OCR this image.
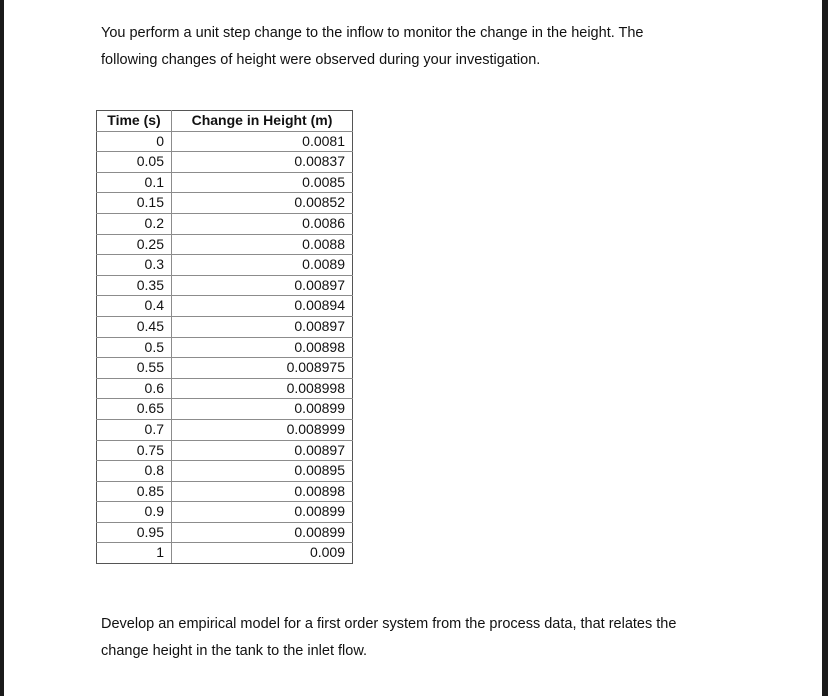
You perform a unit step change to the inflow to monitor the change in the height. The
following changes of height were observed during your investigation.

Time (s)	Change in Height (m)
0	0.0081
0.05	0.00837
0.1	0.0085
0.15	0.00852
0.2	0.0086
0.25	0.0088
0.3	0.0089
0.35	0.00897
0.4	0.00894
0.45	0.00897
0.5	0.00898
0.55	0.008975
0.6	0.008998
0.65	0.00899
0.7	0.008999
0.75	0.00897
0.8	0.00895
0.85	0.00898
0.9	0.00899
0.95	0.00899
1	0.009

Develop an empirical model for a first order system from the process data, that relates the
change height in the tank to the inlet flow.
